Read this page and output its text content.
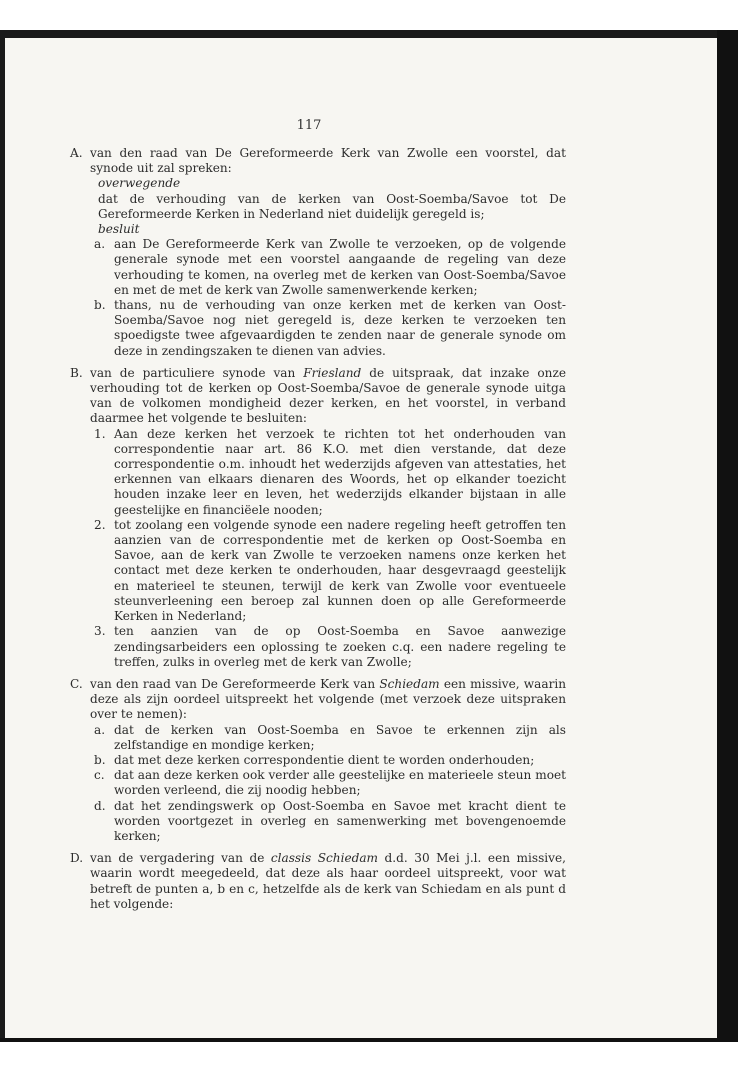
117
A. van den raad van De Gereformeerde Kerk van Zwolle een voorstel, dat synode uit zal spreken:
overwegende
dat de verhouding van de kerken van Oost-Soemba/Savoe tot De Gereformeerde Kerken in Nederland niet duidelijk geregeld is;
besluit
a. aan De Gereformeerde Kerk van Zwolle te verzoeken, op de volgende generale synode met een voorstel aangaande de regeling van deze verhouding te komen, na overleg met de kerken van Oost-Soemba/Savoe en met de met de kerk van Zwolle samenwerkende kerken;
b. thans, nu de verhouding van onze kerken met de kerken van Oost-Soemba/Savoe nog niet geregeld is, deze kerken te verzoeken ten spoedigste twee afgevaardigden te zenden naar de generale synode om deze in zendingszaken te dienen van advies.
B. van de particuliere synode van Friesland de uitspraak, dat inzake onze verhouding tot de kerken op Oost-Soemba/Savoe de generale synode uitga van de volkomen mondigheid dezer kerken, en het voorstel, in verband daarmee het volgende te besluiten:
1. Aan deze kerken het verzoek te richten tot het onderhouden van correspondentie naar art. 86 K.O. met dien verstande, dat deze correspondentie o.m. inhoudt het wederzijds afgeven van attestaties, het erkennen van elkaars dienaren des Woords, het op elkander toezicht houden inzake leer en leven, het wederzijds elkander bijstaan in alle geestelijke en financiëele nooden;
2. tot zoolang een volgende synode een nadere regeling heeft getroffen ten aanzien van de correspondentie met de kerken op Oost-Soemba en Savoe, aan de kerk van Zwolle te verzoeken namens onze kerken het contact met deze kerken te onderhouden, haar desgevraagd geestelijk en materieel te steunen, terwijl de kerk van Zwolle voor eventueele steunverleening een beroep zal kunnen doen op alle Gereformeerde Kerken in Nederland;
3. ten aanzien van de op Oost-Soemba en Savoe aanwezige zendingsarbeiders een oplossing te zoeken c.q. een nadere regeling te treffen, zulks in overleg met de kerk van Zwolle;
C. van den raad van De Gereformeerde Kerk van Schiedam een missive, waarin deze als zijn oordeel uitspreekt het volgende (met verzoek deze uitspraken over te nemen):
a. dat de kerken van Oost-Soemba en Savoe te erkennen zijn als zelfstandige en mondige kerken;
b. dat met deze kerken correspondentie dient te worden onderhouden;
c. dat aan deze kerken ook verder alle geestelijke en materieele steun moet worden verleend, die zij noodig hebben;
d. dat het zendingswerk op Oost-Soemba en Savoe met kracht dient te worden voortgezet in overleg en samenwerking met bovengenoemde kerken;
D. van de vergadering van de classis Schiedam d.d. 30 Mei j.l. een missive, waarin wordt meegedeeld, dat deze als haar oordeel uitspreekt, voor wat betreft de punten a, b en c, hetzelfde als de kerk van Schiedam en als punt d het volgende:
